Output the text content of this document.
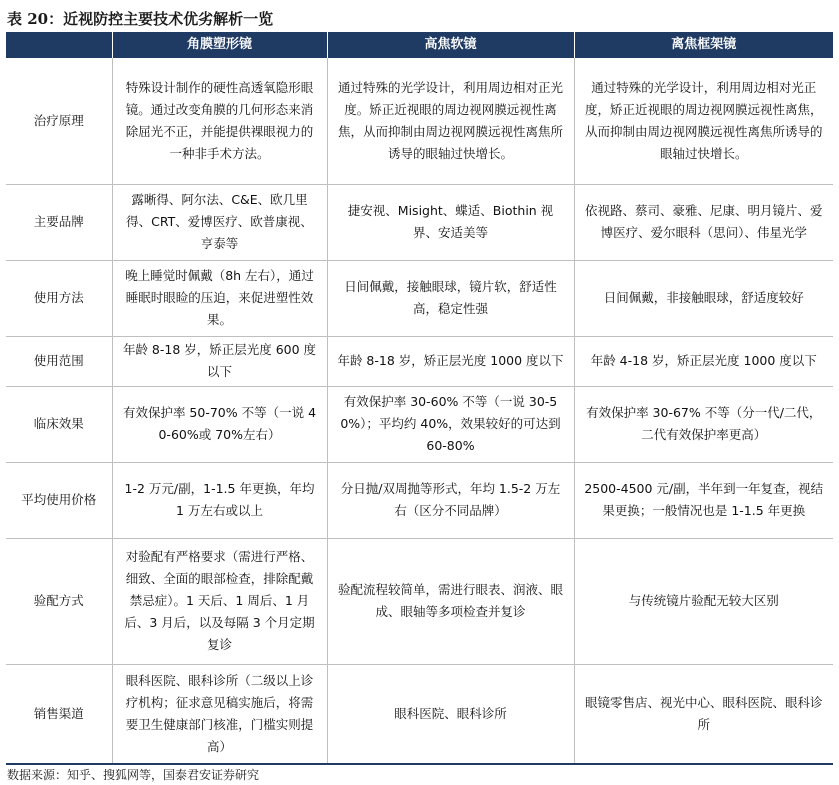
表 20：近视防控主要技术优劣解析一览
	角膜塑形镜	高焦软镜	离焦框架镜
治疗原理	特殊设计制作的硬性高透氧隐形眼镜。通过改变角膜的几何形态来消除屈光不正，并能提供裸眼视力的一种非手术方法。	通过特殊的光学设计，利用周边相对正光度。矫正近视眼的周边视网膜远视性离焦，从而抑制由周边视网膜远视性离焦所诱导的眼轴过快增长。	通过特殊的光学设计，利用周边相对光正度，矫正近视眼的周边视网膜远视性离焦，从而抑制由周边视网膜远视性离焦所诱导的眼轴过快增长。
主要品牌	露晰得、阿尔法、C&E、欧几里得、CRT、爱博医疗、欧普康视、亨泰等	捷安视、Misight、蝶适、Biothin 视界、安适美等	依视路、蔡司、豪雅、尼康、明月镜片、爱博医疗、爱尔眼科（思问）、伟星光学
使用方法	晚上睡觉时佩戴（8h 左右），通过睡眠时眼睑的压迫，来促进塑性效果。	日间佩戴，接触眼球，镜片软，舒适性高，稳定性强	日间佩戴，非接触眼球，舒适度较好
使用范围	年龄 8-18 岁，矫正层光度 600 度以下	年龄 8-18 岁，矫正层光度 1000 度以下	年龄 4-18 岁，矫正层光度 1000 度以下
临床效果	有效保护率 50-70% 不等（一说 40-60%或 70%左右）	有效保护率 30-60% 不等（一说 30-50%）；平均约 40%，效果较好的可达到 60-80%	有效保护率 30-67% 不等（分一代/二代，二代有效保护率更高）
平均使用价格	1-2 万元/副，1-1.5 年更换，年均 1 万左右或以上	分日抛/双周抛等形式，年均 1.5-2 万左右（区分不同品牌）	2500-4500 元/副，半年到一年复查，视结果更换；一般情况也是 1-1.5 年更换
验配方式	对验配有严格要求（需进行严格、细致、全面的眼部检查，排除配戴禁忌症）。1 天后、1 周后、1 月后、3 月后，以及每隔 3 个月定期复诊	验配流程较简单，需进行眼表、润液、眼成、眼轴等多项检查并复诊	与传统镜片验配无较大区别
销售渠道	眼科医院、眼科诊所（二级以上诊疗机构；征求意见稿实施后，将需要卫生健康部门核准，门槛实则提高）	眼科医院、眼科诊所	眼镜零售店、视光中心、眼科医院、眼科诊所
数据来源：知乎、搜狐网等，国泰君安证券研究
